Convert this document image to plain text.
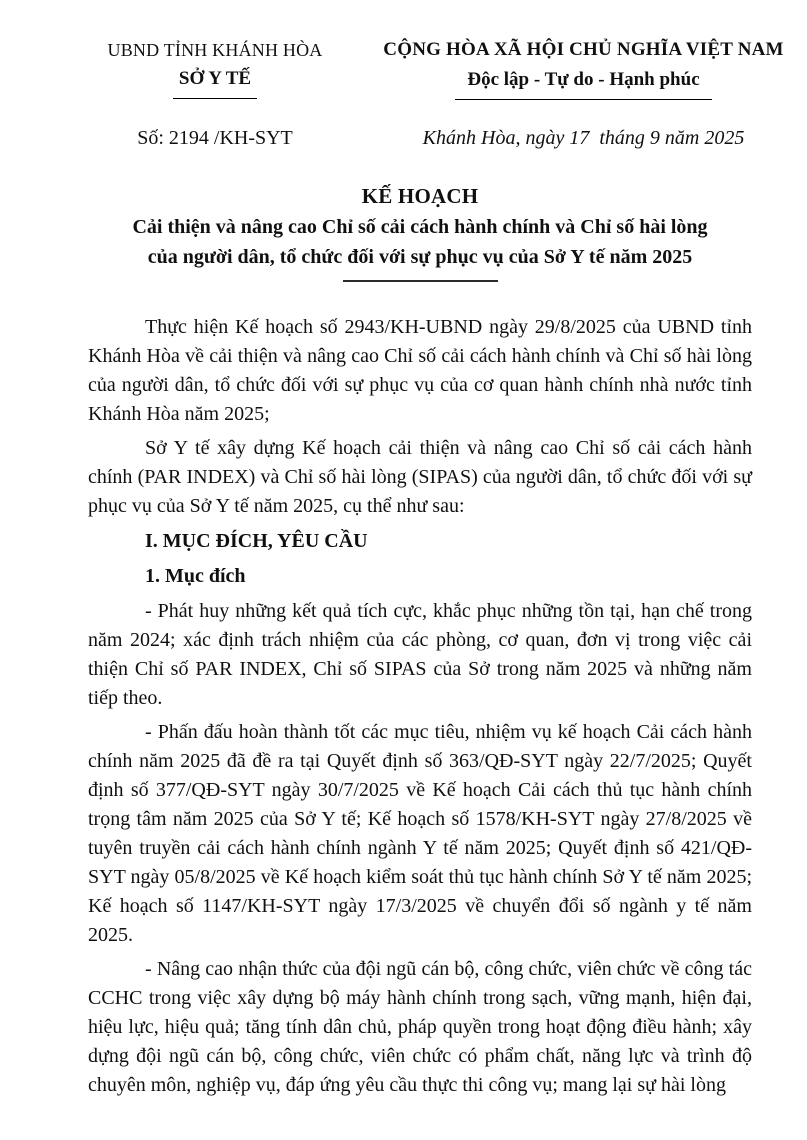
UBND TỈNH KHÁNH HÒA
SỞ Y TẾ
CỘNG HÒA XÃ HỘI CHỦ NGHĨA VIỆT NAM
Độc lập - Tự do - Hạnh phúc
Số: 2194 /KH-SYT	Khánh Hòa, ngày 17  tháng 9 năm 2025
KẾ HOẠCH
Cải thiện và nâng cao Chỉ số cải cách hành chính và Chỉ số hài lòng
của người dân, tổ chức đối với sự phục vụ của Sở Y tế năm 2025

Thực hiện Kế hoạch số 2943/KH-UBND ngày 29/8/2025 của UBND tỉnh Khánh Hòa về cải thiện và nâng cao Chỉ số cải cách hành chính và Chỉ số hài lòng của người dân, tổ chức đối với sự phục vụ của cơ quan hành chính nhà nước tỉnh Khánh Hòa năm 2025;

Sở Y tế xây dựng Kế hoạch cải thiện và nâng cao Chỉ số cải cách hành chính (PAR INDEX) và Chỉ số hài lòng (SIPAS) của người dân, tổ chức đối với sự phục vụ của Sở Y tế năm 2025, cụ thể như sau:

I. MỤC ĐÍCH, YÊU CẦU

1. Mục đích

- Phát huy những kết quả tích cực, khắc phục những tồn tại, hạn chế trong năm 2024; xác định trách nhiệm của các phòng, cơ quan, đơn vị trong việc cải thiện Chỉ số PAR INDEX, Chỉ số SIPAS của Sở trong năm 2025 và những năm tiếp theo.

- Phấn đấu hoàn thành tốt các mục tiêu, nhiệm vụ kế hoạch Cải cách hành chính năm 2025 đã đề ra tại Quyết định số 363/QĐ-SYT ngày 22/7/2025; Quyết định số 377/QĐ-SYT ngày 30/7/2025 về Kế hoạch Cải cách thủ tục hành chính trọng tâm năm 2025 của Sở Y tế; Kế hoạch số 1578/KH-SYT ngày 27/8/2025 về tuyên truyền cải cách hành chính ngành Y tế năm 2025; Quyết định số 421/QĐ-SYT ngày 05/8/2025 về Kế hoạch kiểm soát thủ tục hành chính Sở Y tế năm 2025; Kế hoạch số 1147/KH-SYT ngày 17/3/2025 về chuyển đổi số ngành y tế năm 2025.

- Nâng cao nhận thức của đội ngũ cán bộ, công chức, viên chức về công tác CCHC trong việc xây dựng bộ máy hành chính trong sạch, vững mạnh, hiện đại, hiệu lực, hiệu quả; tăng tính dân chủ, pháp quyền trong hoạt động điều hành; xây dựng đội ngũ cán bộ, công chức, viên chức có phẩm chất, năng lực và trình độ chuyên môn, nghiệp vụ, đáp ứng yêu cầu thực thi công vụ; mang lại sự hài lòng
